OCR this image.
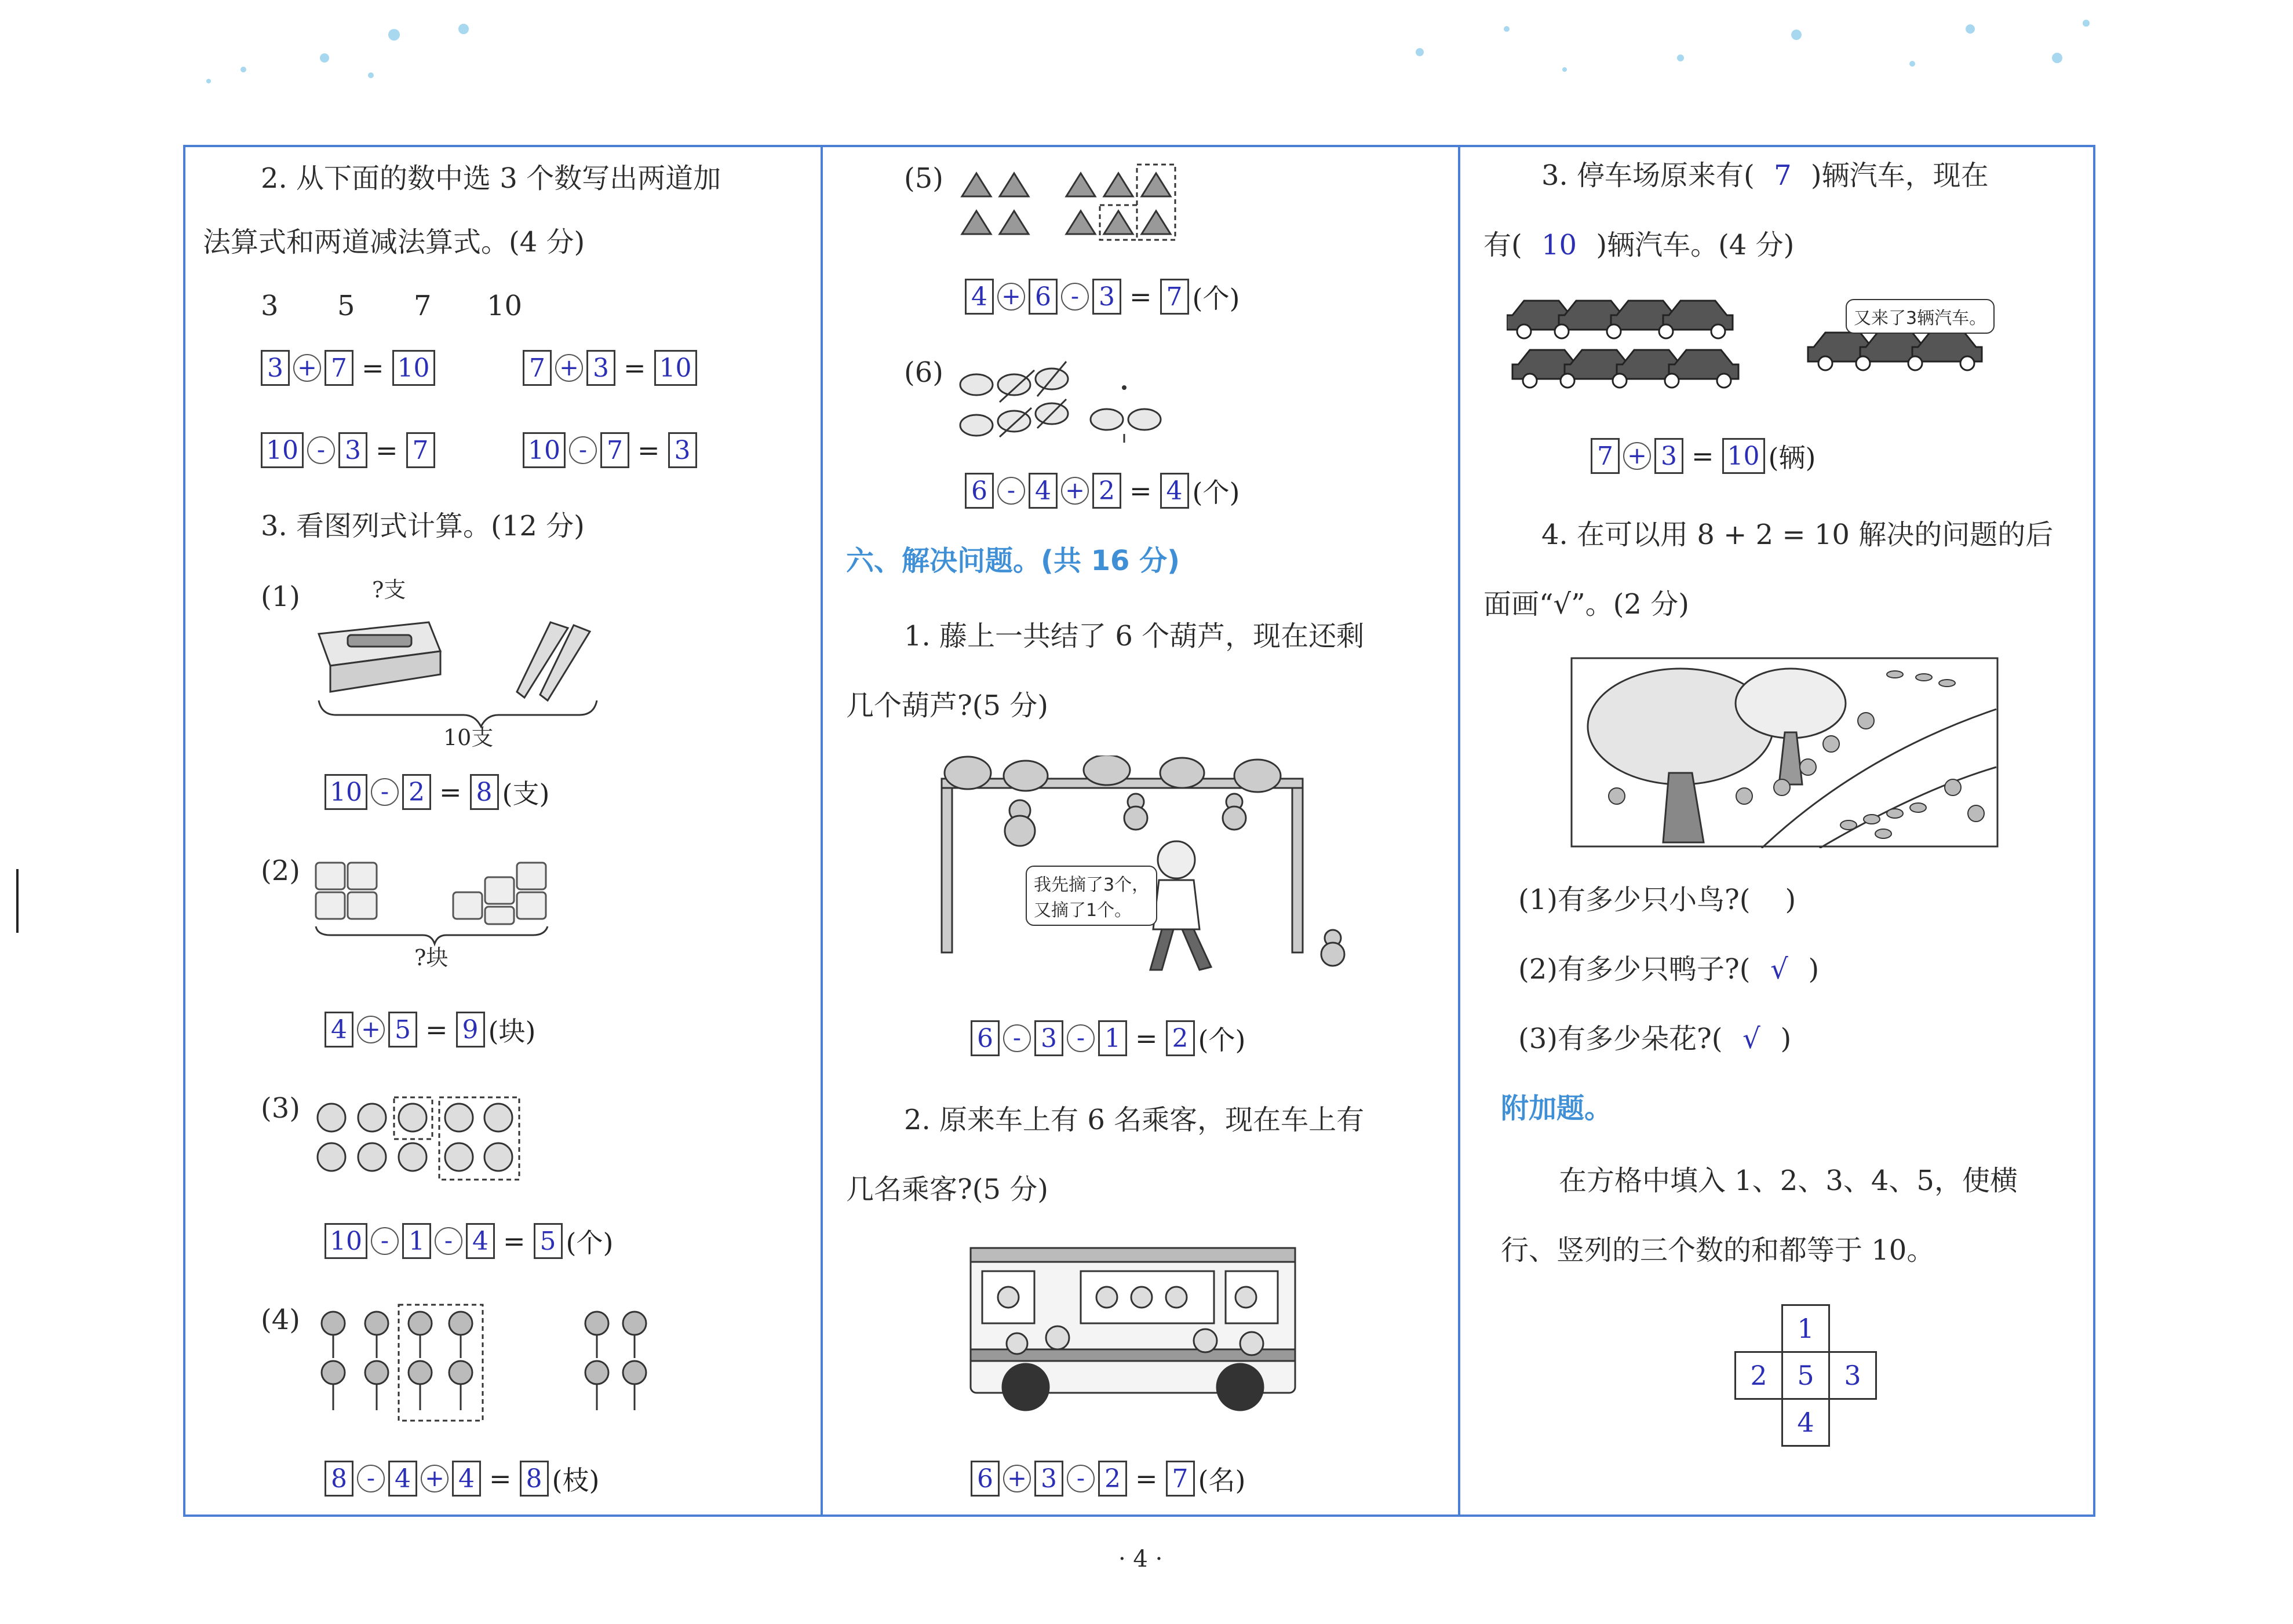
2. 从下面的数中选 3 个数写出两道加
法算式和两道减法算式。(4 分)
3 5 7 10
3 + 7 = 10	7 + 3 = 10
10 - 3 = 7	10 - 7 = 3
3. 看图列式计算。(12 分)
(1)	?支
10支
10 - 2 = 8 (支)
(2)
?块
4 + 5 = 9 (块)
(3)
10 - 1 - 4 = 5 (个)
(4)
8 - 4 + 4 = 8 (枝)
(5)
4 + 6 - 3 = 7 (个)
(6)
6 - 4 + 2 = 4 (个)
六、解决问题。(共 16 分)
1. 藤上一共结了 6 个葫芦，现在还剩
几个葫芦?(5 分)
我先摘了3个，
又摘了1个。
6 - 3 - 1 = 2 (个)
2. 原来车上有 6 名乘客，现在车上有
几名乘客?(5 分)
6 + 3 - 2 = 7 (名)
3. 停车场原来有( 7 )辆汽车，现在
有( 10 )辆汽车。(4 分)
又来了3辆汽车。
7 + 3 = 10 (辆)
4. 在可以用 8 + 2 = 10 解决的问题的后
面画“√”。(2 分)
(1)有多少只小鸟?( )
(2)有多少只鸭子?( √ )
(3)有多少朵花?( √ )
附加题。
在方格中填入 1、2、3、4、5，使横
行、竖列的三个数的和都等于 10。
1
2	5	3
4
· 4 ·
